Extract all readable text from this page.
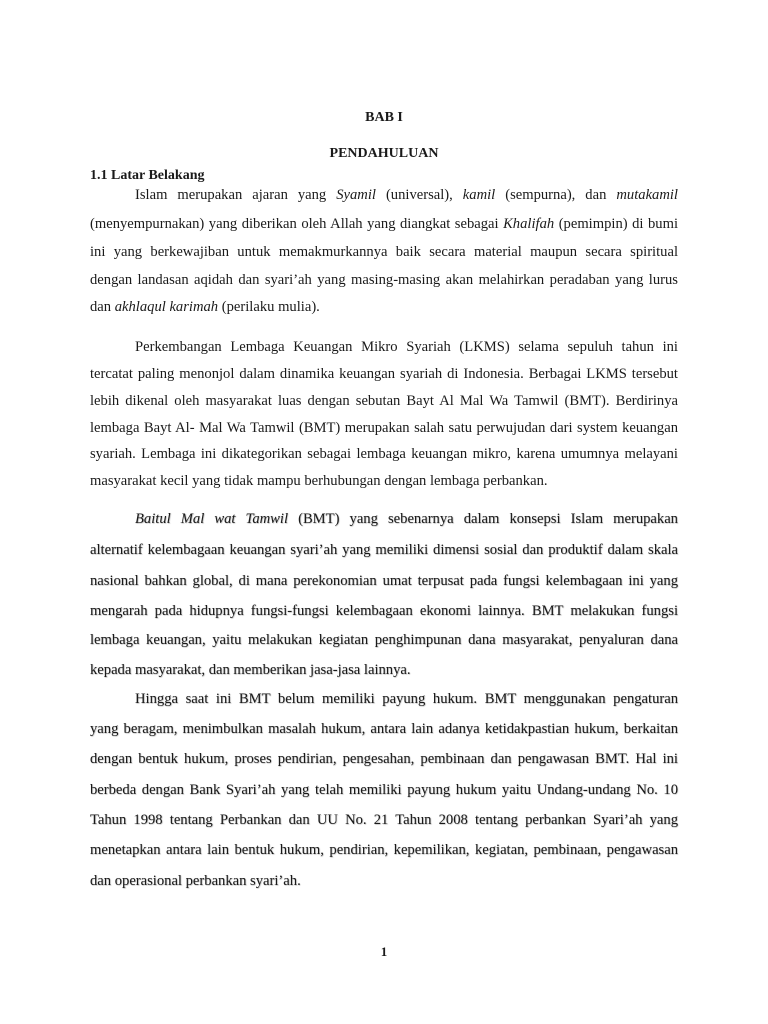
BAB I
PENDAHULUAN
1.1 Latar Belakang
Islam merupakan ajaran yang Syamil (universal), kamil (sempurna), dan mutakamil
(menyempurnakan) yang diberikan oleh Allah yang diangkat sebagai Khalifah (pemimpin) di bumi
ini yang berkewajiban untuk memakmurkannya baik secara material maupun secara spiritual
dengan landasan aqidah dan syari’ah yang masing-masing akan melahirkan peradaban yang lurus
dan akhlaqul karimah (perilaku mulia).
Perkembangan Lembaga Keuangan Mikro Syariah (LKMS) selama sepuluh tahun ini
tercatat paling menonjol dalam dinamika keuangan syariah di Indonesia. Berbagai LKMS tersebut
lebih dikenal oleh masyarakat luas dengan sebutan Bayt Al Mal Wa Tamwil (BMT). Berdirinya
lembaga Bayt Al- Mal Wa Tamwil (BMT) merupakan salah satu perwujudan dari system keuangan
syariah. Lembaga ini dikategorikan sebagai lembaga keuangan mikro, karena umumnya melayani
masyarakat kecil yang tidak mampu berhubungan dengan lembaga perbankan.
Baitul Mal wat Tamwil (BMT) yang sebenarnya dalam konsepsi Islam merupakan
alternatif kelembagaan keuangan syari’ah yang memiliki dimensi sosial dan produktif dalam skala
nasional bahkan global, di mana perekonomian umat terpusat pada fungsi kelembagaan ini yang
mengarah pada hidupnya fungsi-fungsi kelembagaan ekonomi lainnya. BMT melakukan fungsi
lembaga keuangan, yaitu melakukan kegiatan penghimpunan dana masyarakat, penyaluran dana
kepada masyarakat, dan memberikan jasa-jasa lainnya.
Hingga saat ini BMT belum memiliki payung hukum. BMT menggunakan pengaturan
yang beragam, menimbulkan masalah hukum, antara lain adanya ketidakpastian hukum, berkaitan
dengan bentuk hukum, proses pendirian, pengesahan, pembinaan dan pengawasan BMT. Hal ini
berbeda dengan Bank Syari’ah yang telah memiliki payung hukum yaitu Undang-undang No. 10
Tahun 1998 tentang Perbankan dan UU No. 21 Tahun 2008 tentang perbankan Syari’ah yang
menetapkan antara lain bentuk hukum, pendirian, kepemilikan, kegiatan, pembinaan, pengawasan
dan operasional perbankan syari’ah.
1
